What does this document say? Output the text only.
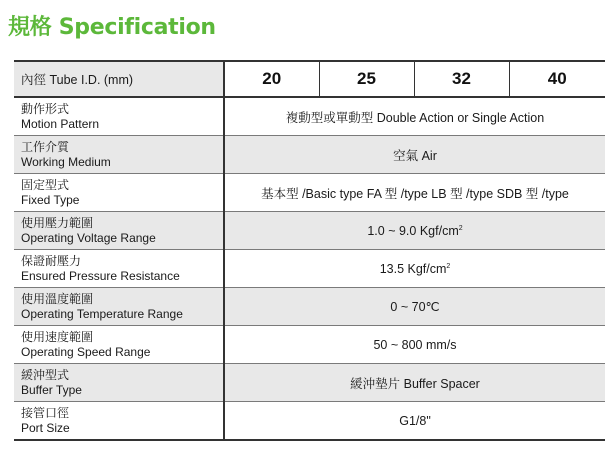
規格 Specification
內徑 Tube I.D. (mm)	20	25	32	40

動作形式
Motion Pattern	複動型或單動型 Double Action or Single Action			

工作介質
Working Medium	空氣 Air			

固定型式
Fixed Type	基本型 /Basic type FA 型 /type LB 型 /type SDB 型 /type			

使用壓力範圍
Operating Voltage Range	1.0 ~ 9.0 Kgf/$cm^2$

保證耐壓力
Ensured Pressure Resistance	13.5 Kgf/$cm^2$

使用溫度範圍
Operating Temperature Range	0 ~ 70℃			

使用速度範圍
Operating Speed Range	50 ~ 800 mm/s			

緩沖型式
Buffer Type	緩沖墊片 Buffer Spacer			

接管口徑
Port Size	G1/8"			
